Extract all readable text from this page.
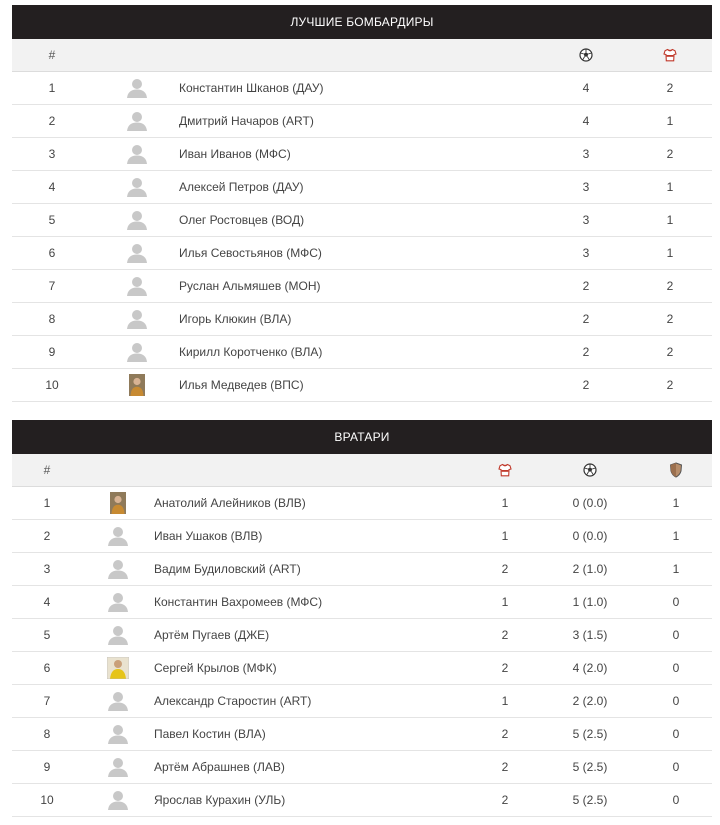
ЛУЧШИЕ БОМБАРДИРЫ
#
1	Константин Шканов (ДАУ)	4	2
2	Дмитрий Начаров (ART)	4	1
3	Иван Иванов (МФС)	3	2
4	Алексей Петров (ДАУ)	3	1
5	Олег Ростовцев (ВОД)	3	1
6	Илья Севостьянов (МФС)	3	1
7	Руслан Альмяшев (МОН)	2	2
8	Игорь Клюкин (ВЛА)	2	2
9	Кирилл Коротченко (ВЛА)	2	2
10	Илья Медведев (ВПС)	2	2
ВРАТАРИ
#
1	Анатолий Алейников (ВЛВ)	1	0 (0.0)	1
2	Иван Ушаков (ВЛВ)	1	0 (0.0)	1
3	Вадим Будиловский (ART)	2	2 (1.0)	1
4	Константин Вахромеев (МФС)	1	1 (1.0)	0
5	Артём Пугаев (ДЖЕ)	2	3 (1.5)	0
6	Сергей Крылов (МФК)	2	4 (2.0)	0
7	Александр Старостин (ART)	1	2 (2.0)	0
8	Павел Костин (ВЛА)	2	5 (2.5)	0
9	Артём Абрашнев (ЛАВ)	2	5 (2.5)	0
10	Ярослав Курахин (УЛЬ)	2	5 (2.5)	0
